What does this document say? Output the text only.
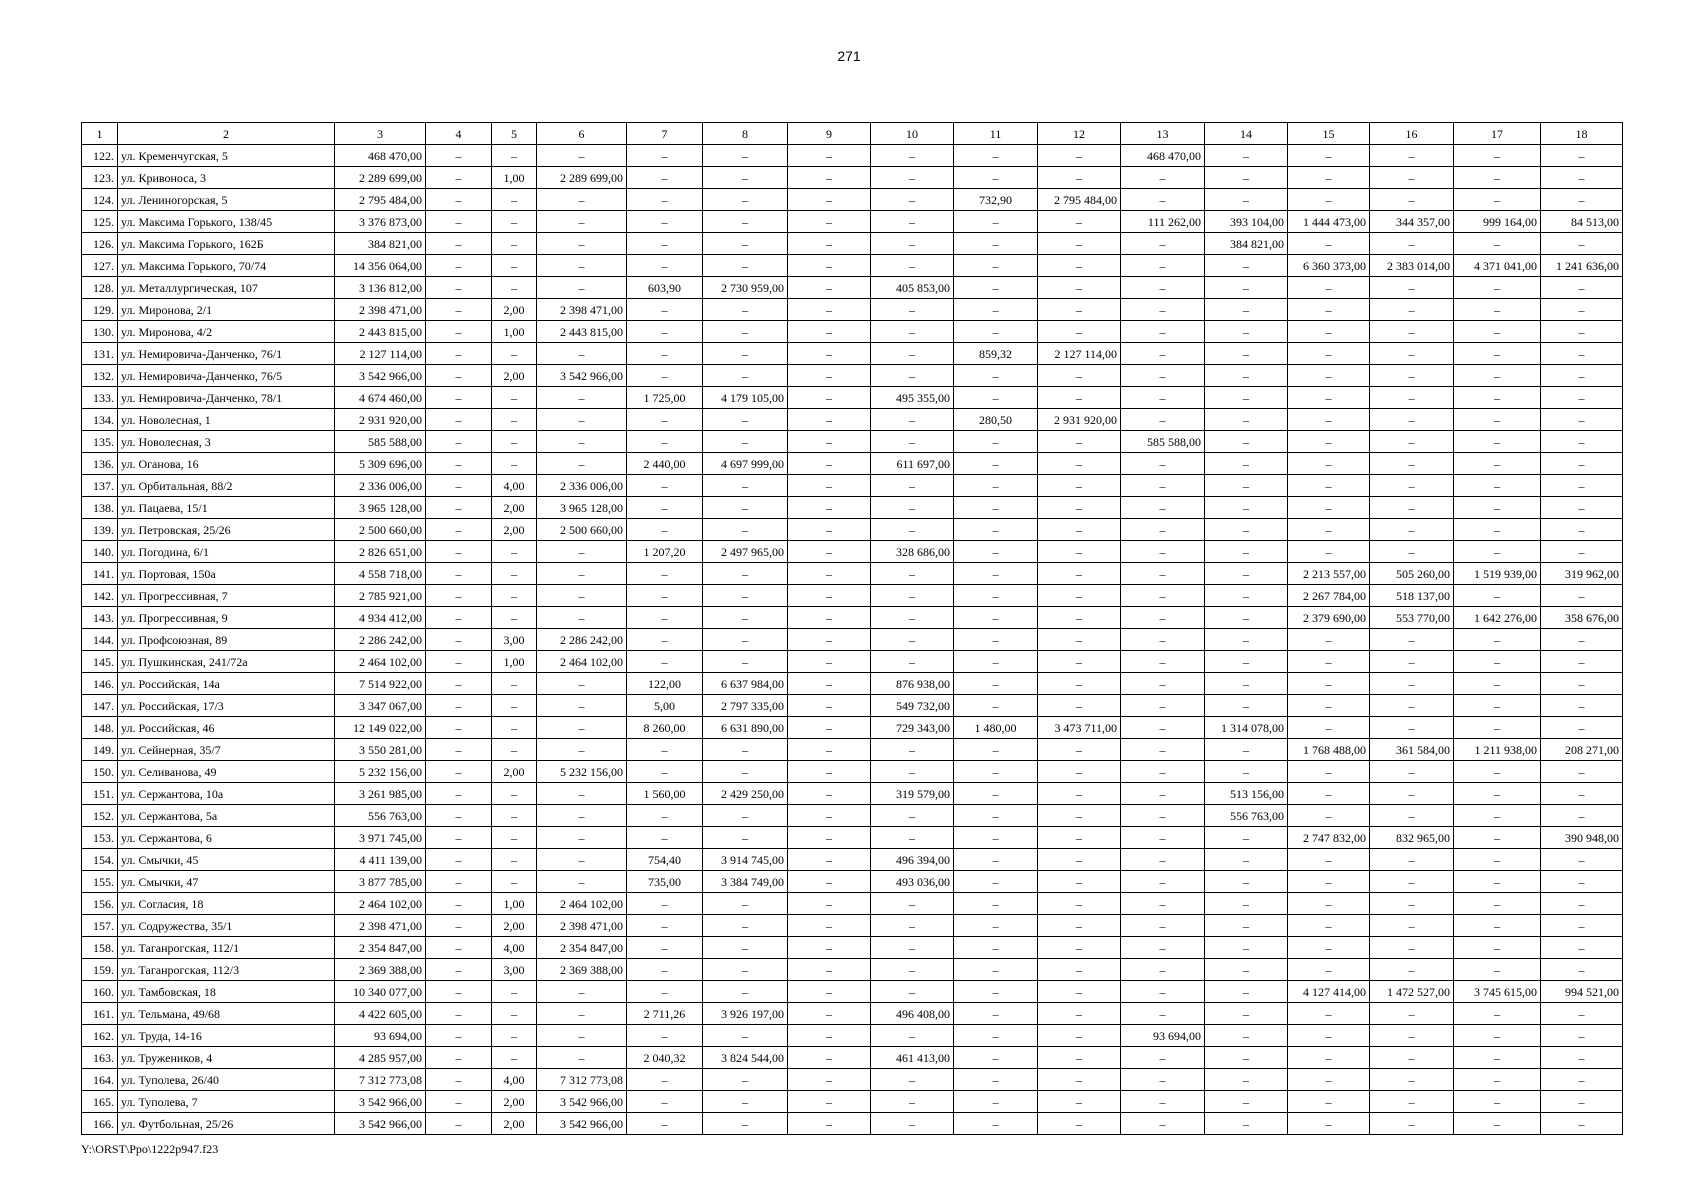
271
1	2	3	4	5	6	7	8	9	10	11	12	13	14	15	16	17	18
122.	ул. Кременчугская, 5	468 470,00	–	–	–	–	–	–	–	–	–	468 470,00	–	–	–	–	–
123.	ул. Кривоноса, 3	2 289 699,00	–	1,00	2 289 699,00	–	–	–	–	–	–	–	–	–	–	–	–
124.	ул. Лениногорская, 5	2 795 484,00	–	–	–	–	–	–	–	732,90	2 795 484,00	–	–	–	–	–	–
125.	ул. Максима Горького, 138/45	3 376 873,00	–	–	–	–	–	–	–	–	–	111 262,00	393 104,00	1 444 473,00	344 357,00	999 164,00	84 513,00
126.	ул. Максима Горького, 162Б	384 821,00	–	–	–	–	–	–	–	–	–	–	384 821,00	–	–	–	–
127.	ул. Максима Горького, 70/74	14 356 064,00	–	–	–	–	–	–	–	–	–	–	–	6 360 373,00	2 383 014,00	4 371 041,00	1 241 636,00
128.	ул. Металлургическая, 107	3 136 812,00	–	–	–	603,90	2 730 959,00	–	405 853,00	–	–	–	–	–	–	–	–
129.	ул. Миронова, 2/1	2 398 471,00	–	2,00	2 398 471,00	–	–	–	–	–	–	–	–	–	–	–	–
130.	ул. Миронова, 4/2	2 443 815,00	–	1,00	2 443 815,00	–	–	–	–	–	–	–	–	–	–	–	–
131.	ул. Немировича-Данченко, 76/1	2 127 114,00	–	–	–	–	–	–	–	859,32	2 127 114,00	–	–	–	–	–	–
132.	ул. Немировича-Данченко, 76/5	3 542 966,00	–	2,00	3 542 966,00	–	–	–	–	–	–	–	–	–	–	–	–
133.	ул. Немировича-Данченко, 78/1	4 674 460,00	–	–	–	1 725,00	4 179 105,00	–	495 355,00	–	–	–	–	–	–	–	–
134.	ул. Новолесная, 1	2 931 920,00	–	–	–	–	–	–	–	280,50	2 931 920,00	–	–	–	–	–	–
135.	ул. Новолесная, 3	585 588,00	–	–	–	–	–	–	–	–	–	585 588,00	–	–	–	–	–
136.	ул. Оганова, 16	5 309 696,00	–	–	–	2 440,00	4 697 999,00	–	611 697,00	–	–	–	–	–	–	–	–
137.	ул. Орбитальная, 88/2	2 336 006,00	–	4,00	2 336 006,00	–	–	–	–	–	–	–	–	–	–	–	–
138.	ул. Пацаева, 15/1	3 965 128,00	–	2,00	3 965 128,00	–	–	–	–	–	–	–	–	–	–	–	–
139.	ул. Петровская, 25/26	2 500 660,00	–	2,00	2 500 660,00	–	–	–	–	–	–	–	–	–	–	–	–
140.	ул. Погодина, 6/1	2 826 651,00	–	–	–	1 207,20	2 497 965,00	–	328 686,00	–	–	–	–	–	–	–	–
141.	ул. Портовая, 150а	4 558 718,00	–	–	–	–	–	–	–	–	–	–	–	2 213 557,00	505 260,00	1 519 939,00	319 962,00
142.	ул. Прогрессивная, 7	2 785 921,00	–	–	–	–	–	–	–	–	–	–	–	2 267 784,00	518 137,00	–	–
143.	ул. Прогрессивная, 9	4 934 412,00	–	–	–	–	–	–	–	–	–	–	–	2 379 690,00	553 770,00	1 642 276,00	358 676,00
144.	ул. Профсоюзная, 89	2 286 242,00	–	3,00	2 286 242,00	–	–	–	–	–	–	–	–	–	–	–	–
145.	ул. Пушкинская, 241/72а	2 464 102,00	–	1,00	2 464 102,00	–	–	–	–	–	–	–	–	–	–	–	–
146.	ул. Российская, 14а	7 514 922,00	–	–	–	122,00	6 637 984,00	–	876 938,00	–	–	–	–	–	–	–	–
147.	ул. Российская, 17/3	3 347 067,00	–	–	–	5,00	2 797 335,00	–	549 732,00	–	–	–	–	–	–	–	–
148.	ул. Российская, 46	12 149 022,00	–	–	–	8 260,00	6 631 890,00	–	729 343,00	1 480,00	3 473 711,00	–	1 314 078,00	–	–	–	–
149.	ул. Сейнерная, 35/7	3 550 281,00	–	–	–	–	–	–	–	–	–	–	–	1 768 488,00	361 584,00	1 211 938,00	208 271,00
150.	ул. Селиванова, 49	5 232 156,00	–	2,00	5 232 156,00	–	–	–	–	–	–	–	–	–	–	–	–
151.	ул. Сержантова, 10а	3 261 985,00	–	–	–	1 560,00	2 429 250,00	–	319 579,00	–	–	–	513 156,00	–	–	–	–
152.	ул. Сержантова, 5а	556 763,00	–	–	–	–	–	–	–	–	–	–	556 763,00	–	–	–	–
153.	ул. Сержантова, 6	3 971 745,00	–	–	–	–	–	–	–	–	–	–	–	2 747 832,00	832 965,00	–	390 948,00
154.	ул. Смычки, 45	4 411 139,00	–	–	–	754,40	3 914 745,00	–	496 394,00	–	–	–	–	–	–	–	–
155.	ул. Смычки, 47	3 877 785,00	–	–	–	735,00	3 384 749,00	–	493 036,00	–	–	–	–	–	–	–	–
156.	ул. Согласия, 18	2 464 102,00	–	1,00	2 464 102,00	–	–	–	–	–	–	–	–	–	–	–	–
157.	ул. Содружества, 35/1	2 398 471,00	–	2,00	2 398 471,00	–	–	–	–	–	–	–	–	–	–	–	–
158.	ул. Таганрогская, 112/1	2 354 847,00	–	4,00	2 354 847,00	–	–	–	–	–	–	–	–	–	–	–	–
159.	ул. Таганрогская, 112/3	2 369 388,00	–	3,00	2 369 388,00	–	–	–	–	–	–	–	–	–	–	–	–
160.	ул. Тамбовская, 18	10 340 077,00	–	–	–	–	–	–	–	–	–	–	–	4 127 414,00	1 472 527,00	3 745 615,00	994 521,00
161.	ул. Тельмана, 49/68	4 422 605,00	–	–	–	2 711,26	3 926 197,00	–	496 408,00	–	–	–	–	–	–	–	–
162.	ул. Труда, 14-16	93 694,00	–	–	–	–	–	–	–	–	–	93 694,00	–	–	–	–	–
163.	ул. Тружеников, 4	4 285 957,00	–	–	–	2 040,32	3 824 544,00	–	461 413,00	–	–	–	–	–	–	–	–
164.	ул. Туполева, 26/40	7 312 773,08	–	4,00	7 312 773,08	–	–	–	–	–	–	–	–	–	–	–	–
165.	ул. Туполева, 7	3 542 966,00	–	2,00	3 542 966,00	–	–	–	–	–	–	–	–	–	–	–	–
166.	ул. Футбольная, 25/26	3 542 966,00	–	2,00	3 542 966,00	–	–	–	–	–	–	–	–	–	–	–	–
Y:\ORST\Ppo\1222p947.f23
